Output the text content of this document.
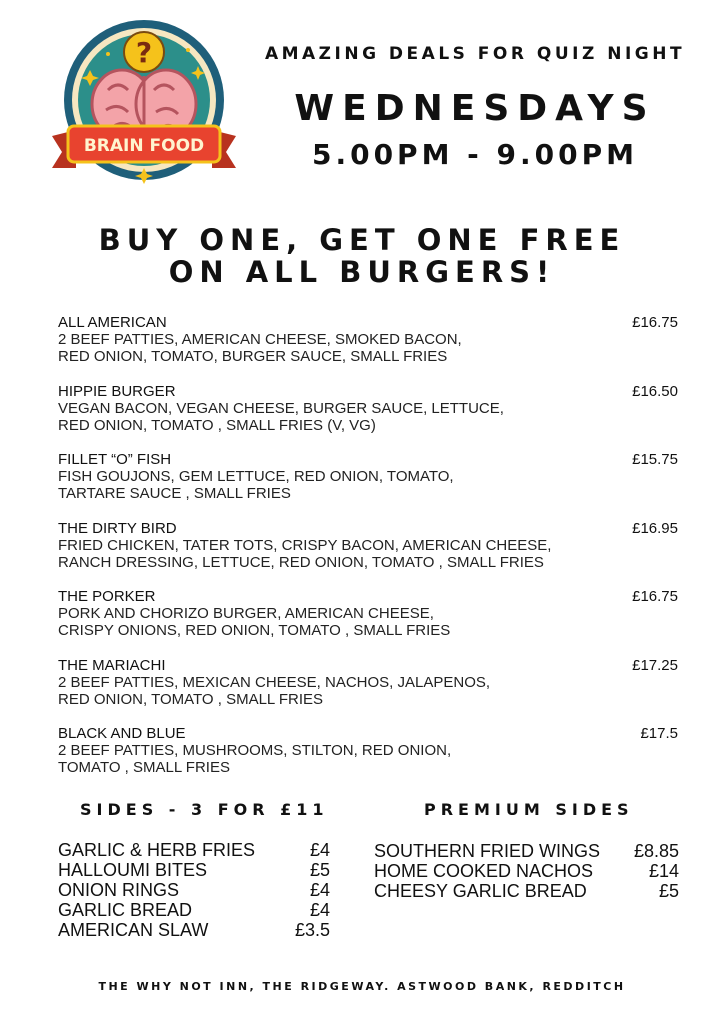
?
BRAIN FOOD
AMAZING DEALS FOR QUIZ NIGHT
WEDNESDAYS
5.00PM - 9.00PM
BUY ONE, GET ONE FREE
ON ALL BURGERS!
ALL AMERICAN
2 BEEF PATTIES, AMERICAN CHEESE, SMOKED BACON,
RED ONION, TOMATO, BURGER SAUCE, SMALL FRIES
£16.75
HIPPIE BURGER
VEGAN BACON, VEGAN CHEESE, BURGER SAUCE, LETTUCE,
RED ONION, TOMATO , SMALL FRIES (V, VG)
£16.50
FILLET “O” FISH
FISH GOUJONS, GEM LETTUCE, RED ONION, TOMATO,
TARTARE SAUCE , SMALL FRIES
£15.75
THE DIRTY BIRD
FRIED CHICKEN, TATER TOTS, CRISPY BACON, AMERICAN CHEESE,
RANCH DRESSING, LETTUCE, RED ONION, TOMATO , SMALL FRIES
£16.95
THE PORKER
PORK AND CHORIZO BURGER, AMERICAN CHEESE,
CRISPY ONIONS, RED ONION, TOMATO , SMALL FRIES
£16.75
THE MARIACHI
2 BEEF PATTIES, MEXICAN CHEESE, NACHOS, JALAPENOS,
RED ONION, TOMATO , SMALL FRIES
£17.25
BLACK AND BLUE
2 BEEF PATTIES, MUSHROOMS, STILTON, RED ONION,
TOMATO , SMALL FRIES
£17.5
SIDES - 3 FOR £11	PREMIUM SIDES
GARLIC & HERB FRIES	£4
HALLOUMI BITES	£5
ONION RINGS	£4
GARLIC BREAD	£4
AMERICAN SLAW	£3.5
SOUTHERN FRIED WINGS £8.85
HOME COOKED NACHOS	£14
CHEESY GARLIC BREAD	£5
THE WHY NOT INN, THE RIDGEWAY. ASTWOOD BANK, REDDITCH
